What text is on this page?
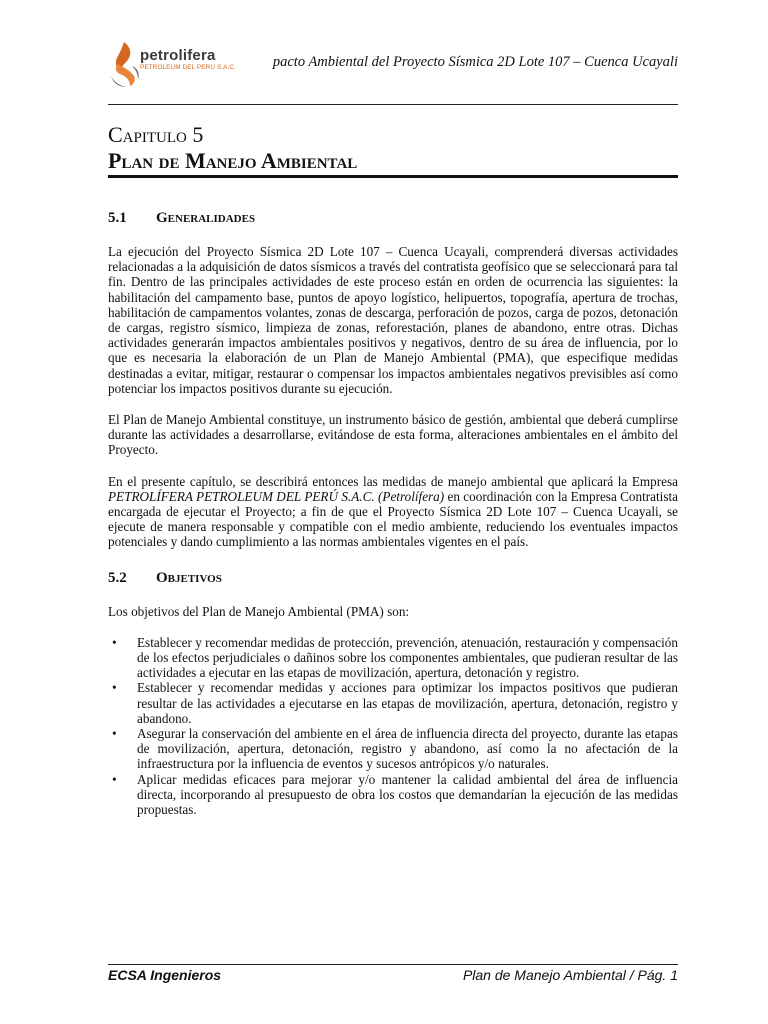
petrolifera
PETROLEUM DEL PERU S.A.C.	pacto Ambiental del Proyecto Sísmica 2D Lote 107 – Cuenca Ucayali
Capitulo 5
Plan de Manejo Ambiental
5.1 Generalidades

La ejecución del Proyecto Sísmica 2D Lote 107 – Cuenca Ucayali, comprenderá diversas actividades relacionadas a la adquisición de datos sísmicos a través del contratista geofísico que se seleccionará para tal fin. Dentro de las principales actividades de este proceso están en orden de ocurrencia las siguientes: la habilitación del campamento base, puntos de apoyo logístico, helipuertos, topografía, apertura de trochas, habilitación de campamentos volantes, zonas de descarga, perforación de pozos, carga de pozos, detonación de cargas, registro sísmico, limpieza de zonas, reforestación, planes de abandono, entre otras. Dichas actividades generarán impactos ambientales positivos y negativos, dentro de su área de influencia, por lo que es necesaria la elaboración de un Plan de Manejo Ambiental (PMA), que especifique medidas destinadas a evitar, mitigar, restaurar o compensar los impactos ambientales negativos previsibles así como potenciar los impactos positivos durante su ejecución.

El Plan de Manejo Ambiental constituye, un instrumento básico de gestión, ambiental que deberá cumplirse durante las actividades a desarrollarse, evitándose de esta forma, alteraciones ambientales en el ámbito del Proyecto.

En el presente capítulo, se describirá entonces las medidas de manejo ambiental que aplicará la Empresa PETROLÍFERA PETROLEUM DEL PERÚ S.A.C. (Petrolífera) en coordinación con la Empresa Contratista encargada de ejecutar el Proyecto; a fin de que el Proyecto Sísmica 2D Lote 107 – Cuenca Ucayali, se ejecute de manera responsable y compatible con el medio ambiente, reduciendo los eventuales impactos potenciales y dando cumplimiento a las normas ambientales vigentes en el país.

5.2 Objetivos

Los objetivos del Plan de Manejo Ambiental (PMA) son:

• Establecer y recomendar medidas de protección, prevención, atenuación, restauración y compensación de los efectos perjudiciales o dañinos sobre los componentes ambientales, que pudieran resultar de las actividades a ejecutar en las etapas de movilización, apertura, detonación y registro.
• Establecer y recomendar medidas y acciones para optimizar los impactos positivos que pudieran resultar de las actividades a ejecutarse en las etapas de movilización, apertura, detonación, registro y abandono.
• Asegurar la conservación del ambiente en el área de influencia directa del proyecto, durante las etapas de movilización, apertura, detonación, registro y abandono, así como la no afectación de la infraestructura por la influencia de eventos y sucesos antrópicos y/o naturales.
• Aplicar medidas eficaces para mejorar y/o mantener la calidad ambiental del área de influencia directa, incorporando al presupuesto de obra los costos que demandarían la ejecución de las medidas propuestas.
ECSA Ingenieros	Plan de Manejo Ambiental / Pág. 1
